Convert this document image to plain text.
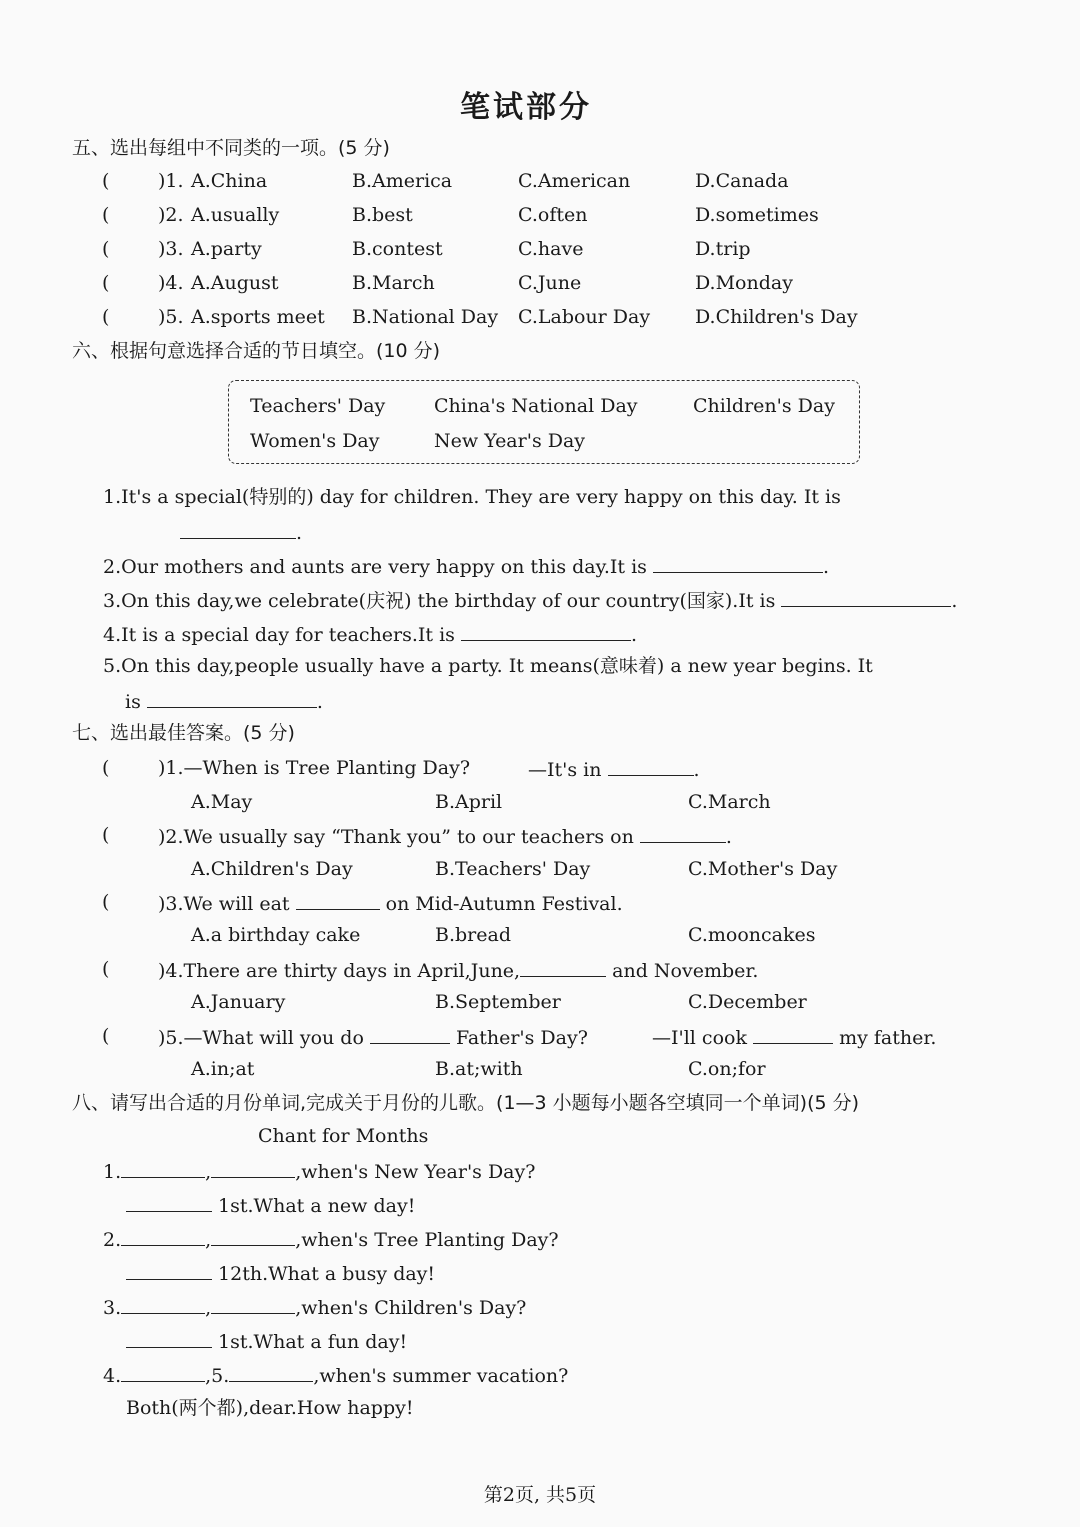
笔试部分
五、选出每组中不同类的一项。(5 分)
(	)1. A.China	B.America	C.American	D.Canada
(	)2. A.usually	B.best	C.often	D.sometimes
(	)3. A.party	B.contest	C.have	D.trip
(	)4. A.August	B.March	C.June	D.Monday
(	)5. A.sports meet B.National Day C.Labour Day D.Children's Day
六、根据句意选择合适的节日填空。(10 分)
Teachers' Day	China's National Day	Children's Day
Women's Day	New Year's Day
1.It's a special(特别的) day for children. They are very happy on this day. It is
.
2.Our mothers and aunts are very happy on this day.It is	.
3.On this day,we celebrate(庆祝) the birthday of our country(国家).It is	.
4.It is a special day for teachers.It is	.
5.On this day,people usually have a party. It means(意味着) a new year begins. It
is	.
七、选出最佳答案。(5 分)
(	)1.—When is Tree Planting Day?	—It's in	.
A.May	B.April	C.March
(	)2.We usually say “Thank you” to our teachers on	.
A.Children's Day	B.Teachers' Day	C.Mother's Day
(	)3.We will eat	on Mid-Autumn Festival.
A.a birthday cake	B.bread	C.mooncakes
(	)4.There are thirty days in April,June,	and November.
A.January	B.September	C.December
(	)5.—What will you do	Father's Day?	—I'll cook	my father.
A.in;at	B.at;with	C.on;for
八、请写出合适的月份单词,完成关于月份的儿歌。(1—3 小题每小题各空填同一个单词)(5 分)
Chant for Months
1.	,	,when's New Year's Day?
1st.What a new day!
2.	,	,when's Tree Planting Day?
12th.What a busy day!
3.	,	,when's Children's Day?
1st.What a fun day!
4.	,5.	,when's summer vacation?
Both(两个都),dear.How happy!
第2页, 共5页
